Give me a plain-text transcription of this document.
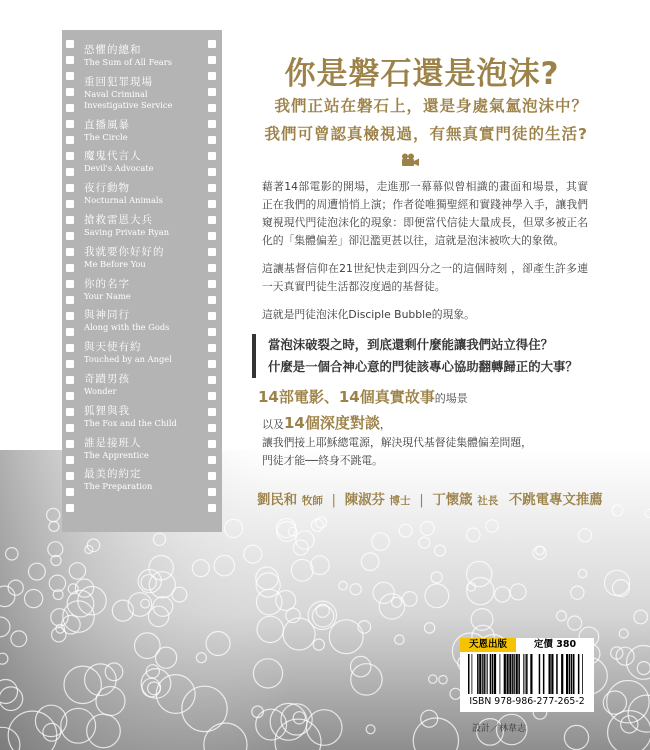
恐懼的總和
The Sum of All Fears
重回犯罪現場
Naval Criminal
Investigative Service
直播風暴
The Circle
魔鬼代言人
Devil's Advocate
夜行動物
Nocturnal Animals
搶救雷恩大兵
Saving Private Ryan
我就要你好好的
Me Before You
你的名字
Your Name
與神同行
Along with the Gods
與天使有約
Touched by an Angel
奇蹟男孩
Wonder
狐狸與我
The Fox and the Child
誰是接班人
The Apprentice
最美的約定
The Preparation
你是磐石還是泡沫?
我們正站在磐石上，還是身處氣氳泡沫中？
我們可曾認真檢視過，有無真實門徒的生活?

藉著14部電影的開場，走進那一幕幕似曾相識的畫面和場景，其實正在我們的周遭悄悄上演；作者從唯獨聖經和實踐神學入手，讓我們窺視現代門徒泡沫化的現象：即便當代信徒大量成長，但眾多被正名化的「集體偏差」卻氾濫更甚以往，這就是泡沫被吹大的象徵。

這讓基督信仰在21世紀快走到四分之一的這個時刻 ，卻產生許多連一天真實門徒生活都沒度過的基督徒。

這就是門徒泡沫化Disciple Bubble的現象。

當泡沫破裂之時，到底還剩什麼能讓我們站立得住？
什麼是一個合神心意的門徒該專心協助翻轉歸正的大事？
14部電影、14個真實故事的場景
以及14個深度對談，
讓我們接上耶穌總電源，解決現代基督徒集體偏差問題，
門徒才能──終身不跳電。
劉民和 牧師 | 陳淑芬 博士 | 丁懷箴 社長 不跳電專文推薦
天恩出版	定價 380
ISBN 978-986-277-265-2
設計／林韋志
